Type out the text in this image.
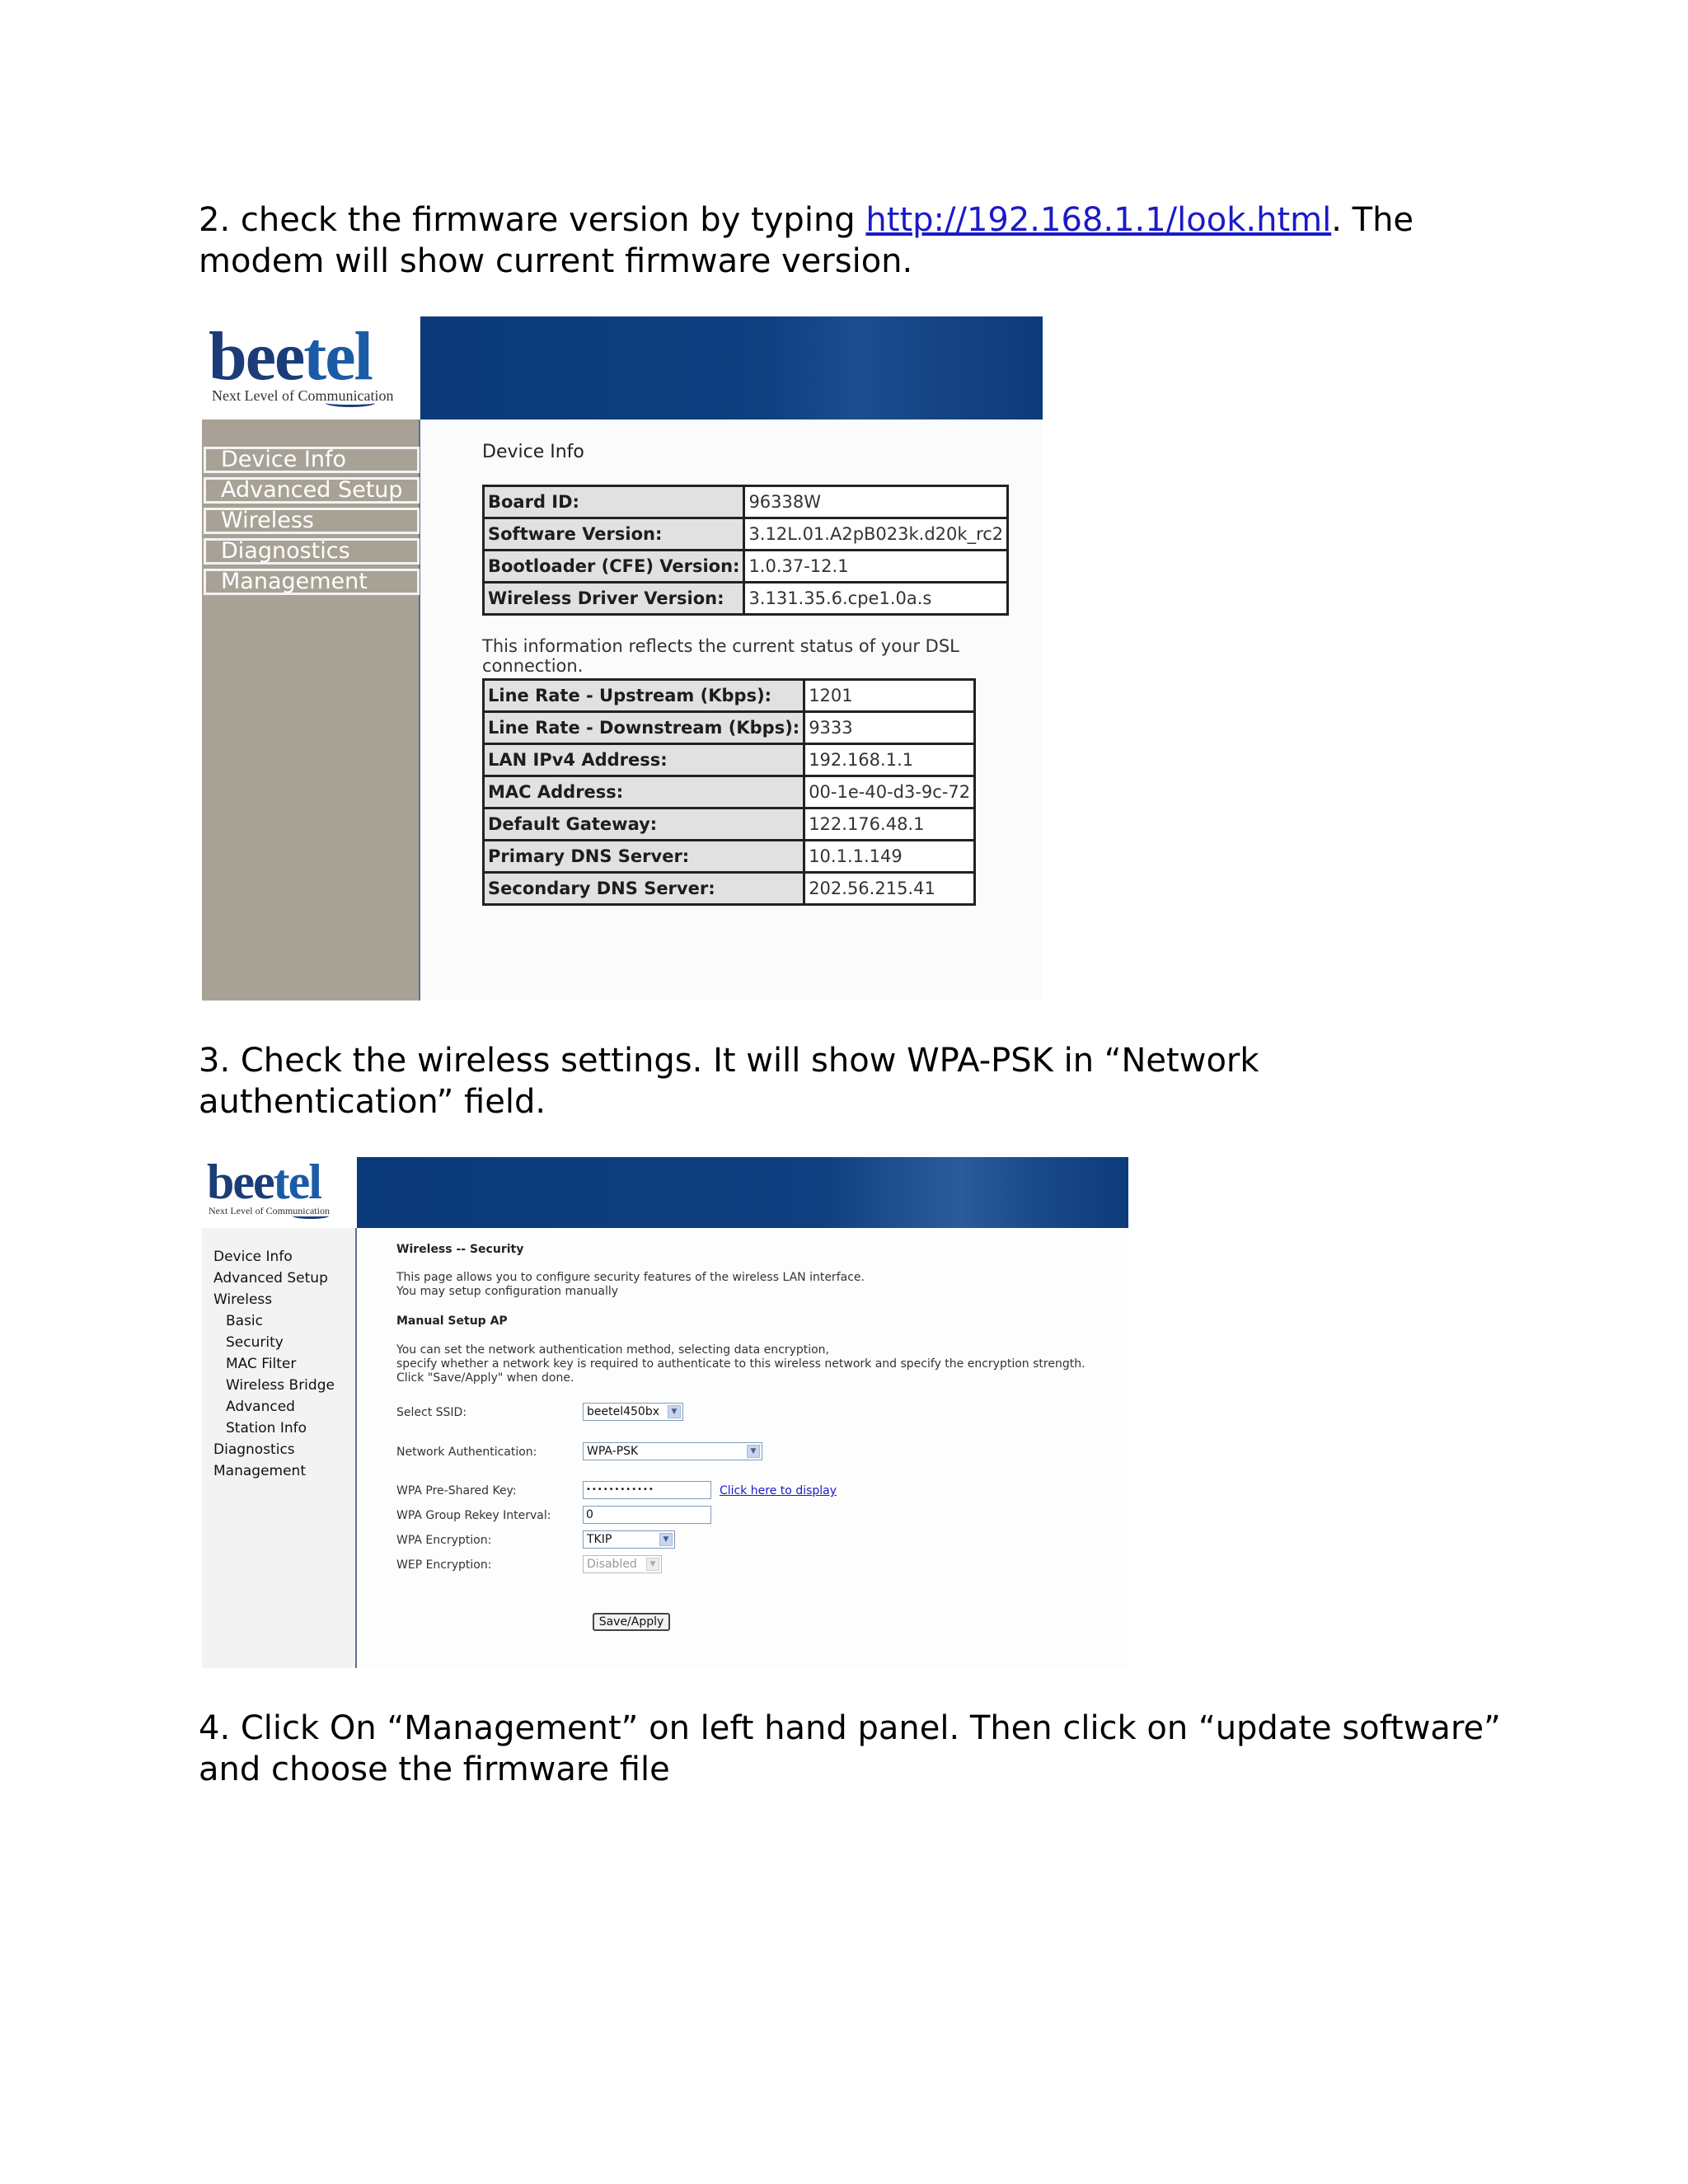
2. check the firmware version by typing http://192.168.1.1/look.html. The modem will show current firmware version.
beetel
Next Level of Communication
Device Info
Advanced Setup
Wireless
Diagnostics
Management
Device Info
Board ID:	96338W
Software Version:	3.12L.01.A2pB023k.d20k_rc2
Bootloader (CFE) Version:	1.0.37-12.1
Wireless Driver Version:	3.131.35.6.cpe1.0a.s
This information reflects the current status of your DSL connection.
Line Rate - Upstream (Kbps):	1201
Line Rate - Downstream (Kbps):	9333
LAN IPv4 Address:	192.168.1.1
MAC Address:	00-1e-40-d3-9c-72
Default Gateway:	122.176.48.1
Primary DNS Server:	10.1.1.149
Secondary DNS Server:	202.56.215.41
3. Check the wireless settings. It will show WPA-PSK in “Network authentication” field.
beetel
Next Level of Communication
Device Info
Advanced Setup
Wireless
Basic
Security
MAC Filter
Wireless Bridge
Advanced
Station Info
Diagnostics
Management
Wireless -- Security
This page allows you to configure security features of the wireless LAN interface.
You may setup configuration manually
Manual Setup AP
You can set the network authentication method, selecting data encryption,
specify whether a network key is required to authenticate to this wireless network and specify the encryption strength.
Click "Save/Apply" when done.
Select SSID:	beetel450bx	▼
Network Authentication:	WPA-PSK	▼
WPA Pre-Shared Key:	••••••••••••	Click here to display
WPA Group Rekey Interval:	0
WPA Encryption:	TKIP	▼
WEP Encryption:	Disabled	▼
Save/Apply
4. Click On “Management” on left hand panel. Then click on “update software” and choose the firmware file
